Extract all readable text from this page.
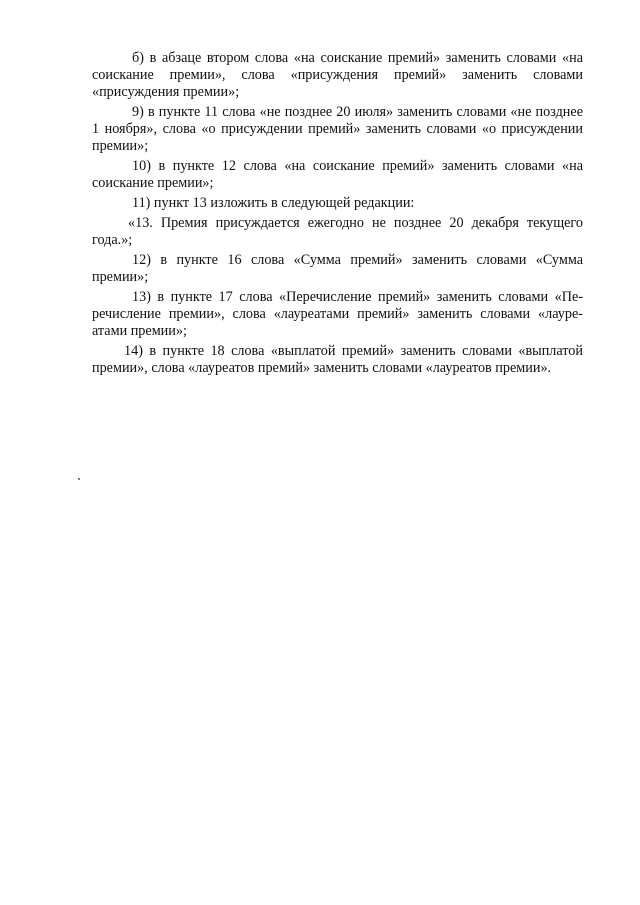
б) в абзаце втором слова «на соискание премий» заменить словами «на соискание премии», слова «присуждения премий» заменить словами «присуждения премии»;

9) в пункте 11 слова «не позднее 20 июля» заменить словами «не позднее 1 ноября», слова «о присуждении премий» заменить словами «о присуждении премии»;

10) в пункте 12 слова «на соискание премий» заменить словами «на соискание премии»;

11) пункт 13 изложить в следующей редакции:

«13. Премия присуждается ежегодно не позднее 20 декабря текущего года.»;

12) в пункте 16 слова «Сумма премий» заменить словами «Сумма премии»;

13) в пункте 17 слова «Перечисление премий» заменить словами «Перечисление премии», слова «лауреатами премий» заменить словами «лауреатами премии»;

14) в пункте 18 слова «выплатой премий» заменить словами «выплатой премии», слова «лауреатов премий» заменить словами «лауреатов премии».
